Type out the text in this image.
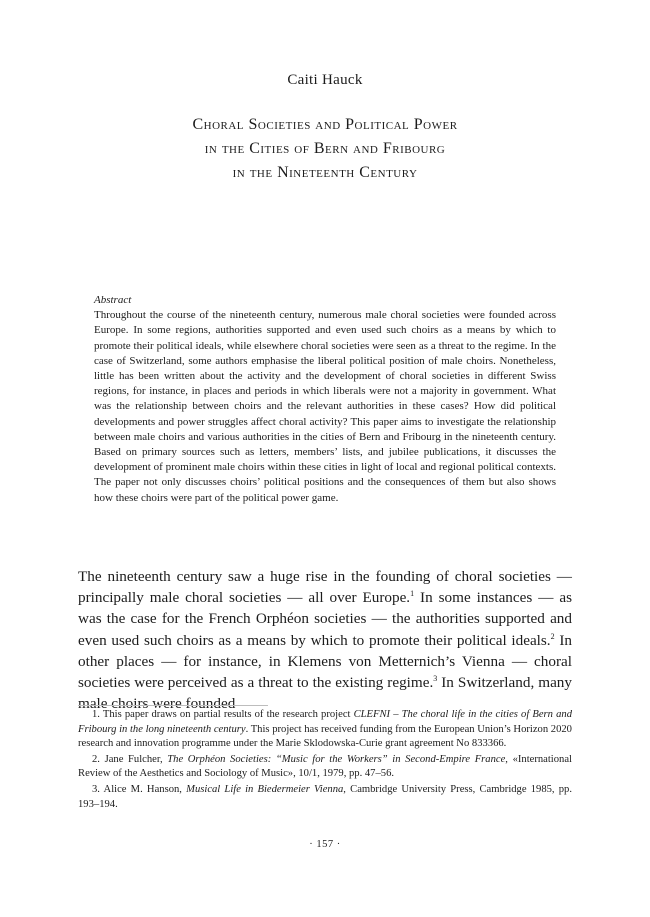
Caiti Hauck
Choral Societies and Political Power
in the Cities of Bern and Fribourg
in the Nineteenth Century
Abstract
Throughout the course of the nineteenth century, numerous male choral societies were founded across Europe. In some regions, authorities supported and even used such choirs as a means by which to promote their political ideals, while elsewhere choral societies were seen as a threat to the regime. In the case of Switzerland, some authors emphasise the liberal political position of male choirs. Nonetheless, little has been written about the activity and the development of choral societies in different Swiss regions, for instance, in places and periods in which liberals were not a majority in government. What was the relationship between choirs and the relevant authorities in these cases? How did political developments and power struggles affect choral activity? This paper aims to investigate the relationship between male choirs and various authorities in the cities of Bern and Fribourg in the nineteenth century. Based on primary sources such as letters, members’ lists, and jubilee publications, it discusses the development of prominent male choirs within these cities in light of local and regional political contexts. The paper not only discusses choirs’ political positions and the consequences of them but also shows how these choirs were part of the political power game.
The nineteenth century saw a huge rise in the founding of choral societies — principally male choral societies — all over Europe.$^1$ In some instances — as was the case for the French Orphéon societies — the authorities supported and even used such choirs as a means by which to promote their political ideals.$^2$ In other places — for instance, in Klemens von Metternich’s Vienna — choral societies were perceived as a threat to the existing regime.$^3$ In Switzerland, many male choirs were founded
1. This paper draws on partial results of the research project CLEFNI – The choral life in the cities of Bern and Fribourg in the long nineteenth century. This project has received funding from the European Union’s Horizon 2020 research and innovation programme under the Marie Sklodowska-Curie grant agreement No 833366.
2. Jane Fulcher, The Orphéon Societies: “Music for the Workers” in Second-Empire France, «International Review of the Aesthetics and Sociology of Music», 10/1, 1979, pp. 47–56.
3. Alice M. Hanson, Musical Life in Biedermeier Vienna, Cambridge University Press, Cambridge 1985, pp. 193–194.
· 157 ·
